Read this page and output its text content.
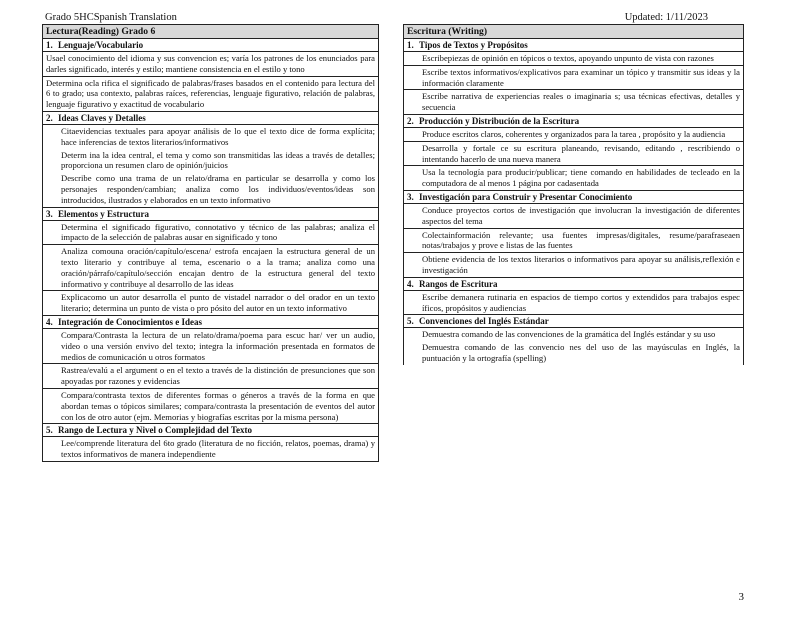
Grado 5HCSpanish Translation	Updated: 1/11/2023
Lectura(Reading) Grado 6
1. Lenguaje/Vocabulario
Usael conocimiento del idioma y sus convencion es; varía los patrones de los enunciados para darles significado, interés y estilo; mantiene consistencia en el estilo y tono
Determina ocla rifica el significado de palabras/frases basados en el contenido para lectura del 6 to grado; usa contexto, palabras raíces, referencias, lenguaje figurativo, relación de palabras, lenguaje figurativo y exactitud de vocabulario
2. Ideas Claves y Detalles
Citaevidencias textuales para apoyar análisis de lo que el texto dice de forma explícita; hace inferencias de textos literarios/informativos
Determ ina la idea central, el tema y como son transmitidas las ideas a través de detalles; proporciona un resumen claro de opinión/juicios
Describe como una trama de un relato/drama en particular se desarrolla y como los personajes responden/cambian; analiza como los individuos/eventos/ideas son introducidos, ilustrados y elaborados en un texto informativo
3. Elementos y Estructura
Determina el significado figurativo, connotativo y técnico de las palabras; analiza el impacto de la selección de palabras ausar en significado y tono
Analiza comouna oración/capítulo/escena/ estrofa encajaen la estructura general de un texto literario y contribuye al tema, escenario o a la trama; analiza como una oración/párrafo/capítulo/sección encajan dentro de la estructura general del texto informativo y contribuye al desarrollo de las ideas
Explicacomo un autor desarrolla el punto de vistadel narrador o del orador en un texto literario; determina un punto de vista o pro pósito del autor en un texto informativo
4. Integración de Conocimientos e Ideas
Compara/Contrasta la lectura de un relato/drama/poema para escuc har/ ver un audio, video o una versión envivo del texto; integra la información presentada en formatos de medios de comunicación u otros formatos
Rastrea/evalú a el argument o en el texto a través de la distinción de presunciones que son apoyadas por razones y evidencias
Compara/contrasta textos de diferentes formas o géneros a través de la forma en que abordan temas o tópicos similares; compara/contrasta la presentación de eventos del autor con los de otro autor (ejm. Memorias y biografías escritas por la misma persona)
5. Rango de Lectura y Nivel o Complejidad del Texto
Lee/comprende literatura del 6to grado (literatura de no ficción, relatos, poemas, drama) y textos informativos de manera independiente
Escritura (Writing)
1. Tipos de Textos y Propósitos
Escribepiezas de opinión en tópicos o textos, apoyando unpunto de vista con razones
Escribe textos informativos/explicativos para examinar un tópico y transmitir sus ideas y la información claramente
Escribe narrativa de experiencias reales o imaginaria s; usa técnicas efectivas, detalles y secuencia
2. Producción y Distribución de la Escritura
Produce escritos claros, coherentes y organizados para la tarea , propósito y la audiencia
Desarrolla y fortale ce su escritura planeando, revisando, editando , rescribiendo o intentando hacerlo de una nueva manera
Usa la tecnología para producir/publicar; tiene comando en habilidades de tecleado en la computadora de al menos 1 página por cadasentada
3. Investigación para Construir y Presentar Conocimiento
Conduce proyectos cortos de investigación que involucran la investigación de diferentes aspectos del tema
Colectainformación relevante; usa fuentes impresas/digitales, resume/parafraseaen notas/trabajos y prove e listas de las fuentes
Obtiene evidencia de los textos literarios o informativos para apoyar su análisis,reflexión e investigación
4. Rangos de Escritura
Escribe demanera rutinaria en espacios de tiempo cortos y extendidos para trabajos espec íficos, propósitos y audiencias
5. Convenciones del Inglés Estándar
Demuestra comando de las convenciones de la gramática del Inglés estándar y su uso
Demuestra comando de las convencio nes del uso de las mayúsculas en Inglés, la puntuación y la ortografía (spelling)
3
